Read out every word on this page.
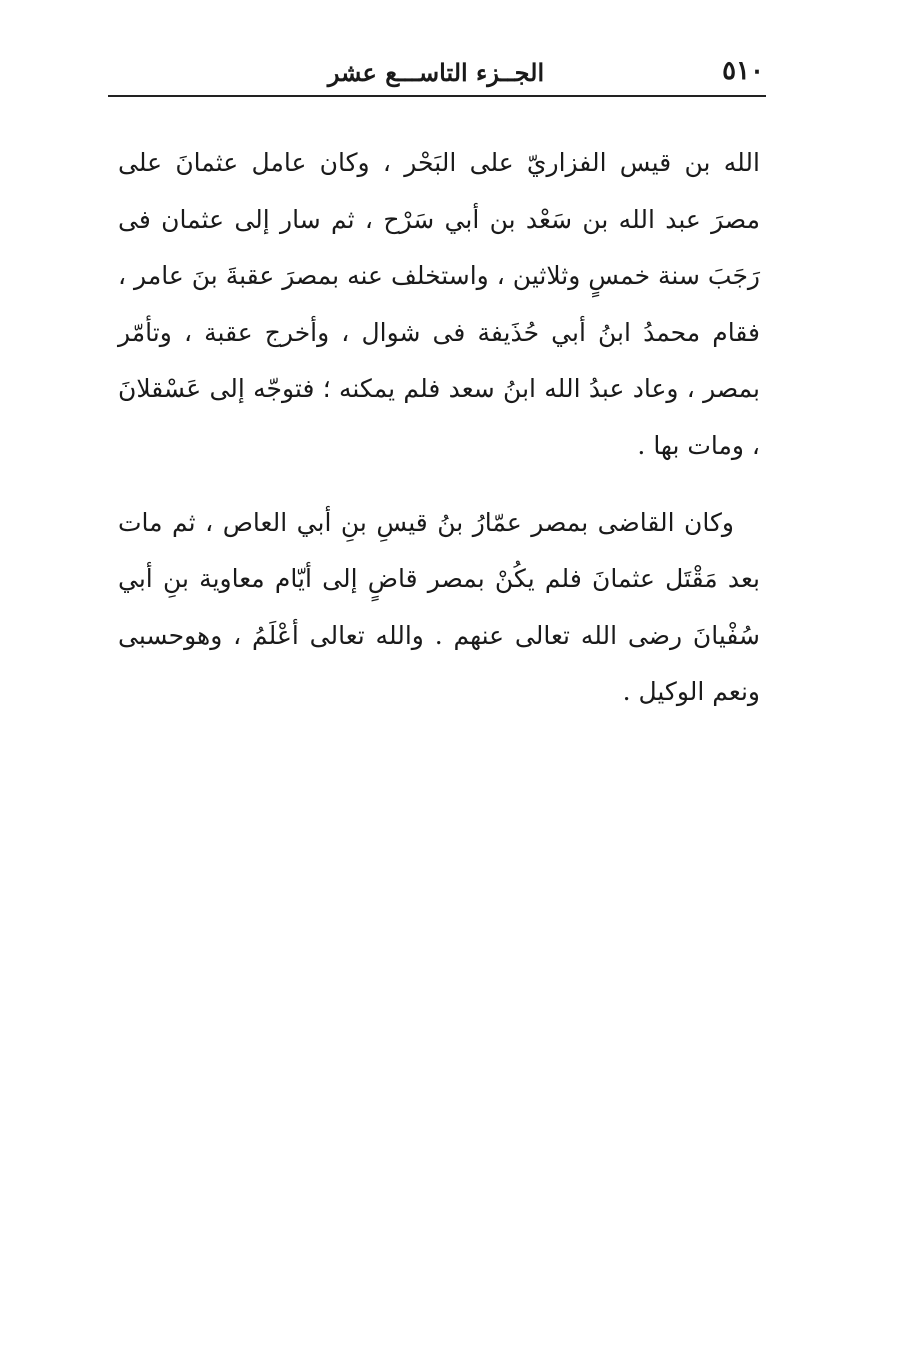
٥١٠
الجــزء التاســـع عشر

الله بن قيس الفزاريّ على البَحْر ، وكان عامل عثمانَ على مصرَ عبد الله بن سَعْد بن أبي سَرْح ، ثم سار إلى عثمان فى رَجَبَ سنة خمسٍ وثلاثين ، واستخلف عنه بمصرَ عقبةَ بنَ عامر ، فقام محمدُ ابنُ أبي حُذَيفة فى شوال ، وأخرج عقبة ، وتأمّر بمصر ، وعاد عبدُ الله ابنُ سعد فلم يمكنه ؛ فتوجّه إلى عَسْقلانَ ، ومات بها .

وكان القاضى بمصر عمّارُ بنُ قيسِ بنِ أبي العاص ، ثم مات بعد مَقْتَل عثمانَ فلم يكُنْ بمصر قاضٍ إلى أيّام معاوية بنِ أبي سُفْيانَ رضى الله تعالى عنهم . والله تعالى أعْلَمُ ، وهوحسبى ونعم الوكيل .
